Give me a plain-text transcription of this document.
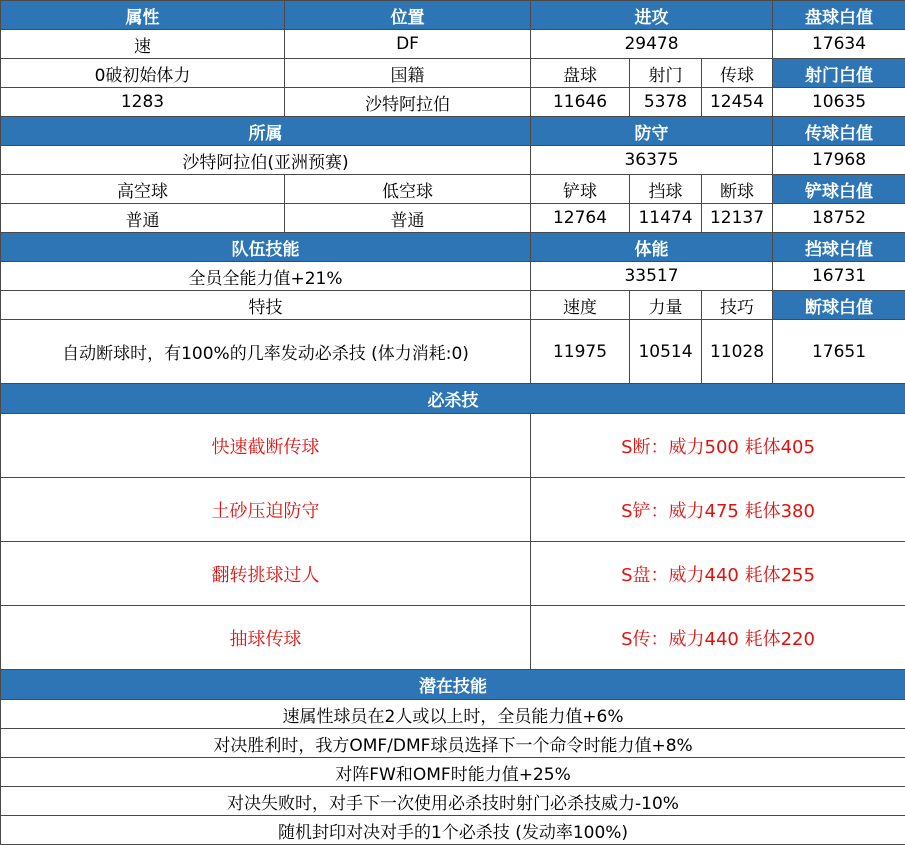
属性	位置	进攻			盘球白值
速	DF	29478			17634
0破初始体力	国籍	盘球	射门	传球	射门白值
1283	沙特阿拉伯	11646	5378	12454	10635
所属		防守			传球白值
沙特阿拉伯(亚洲预赛)		36375			17968
高空球	低空球	铲球	挡球	断球	铲球白值
普通	普通	12764	11474	12137	18752
队伍技能		体能			挡球白值
全员全能力值+21%		33517			16731
特技		速度	力量	技巧	断球白值
自动断球时，有100%的几率发动必杀技 (体力消耗:0)		11975	10514	11028	17651
必杀技					
快速截断传球		S断：威力500 耗体405			
土砂压迫防守		S铲：威力475 耗体380			
翻转挑球过人		S盘：威力440 耗体255			
抽球传球		S传：威力440 耗体220			
潜在技能					
速属性球员在2人或以上时，全员能力值+6%					
对决胜利时，我方OMF/DMF球员选择下一个命令时能力值+8%					
对阵FW和OMF时能力值+25%					
对决失败时，对手下一次使用必杀技时射门必杀技威力-10%					
随机封印对决对手的1个必杀技 (发动率100%)					
